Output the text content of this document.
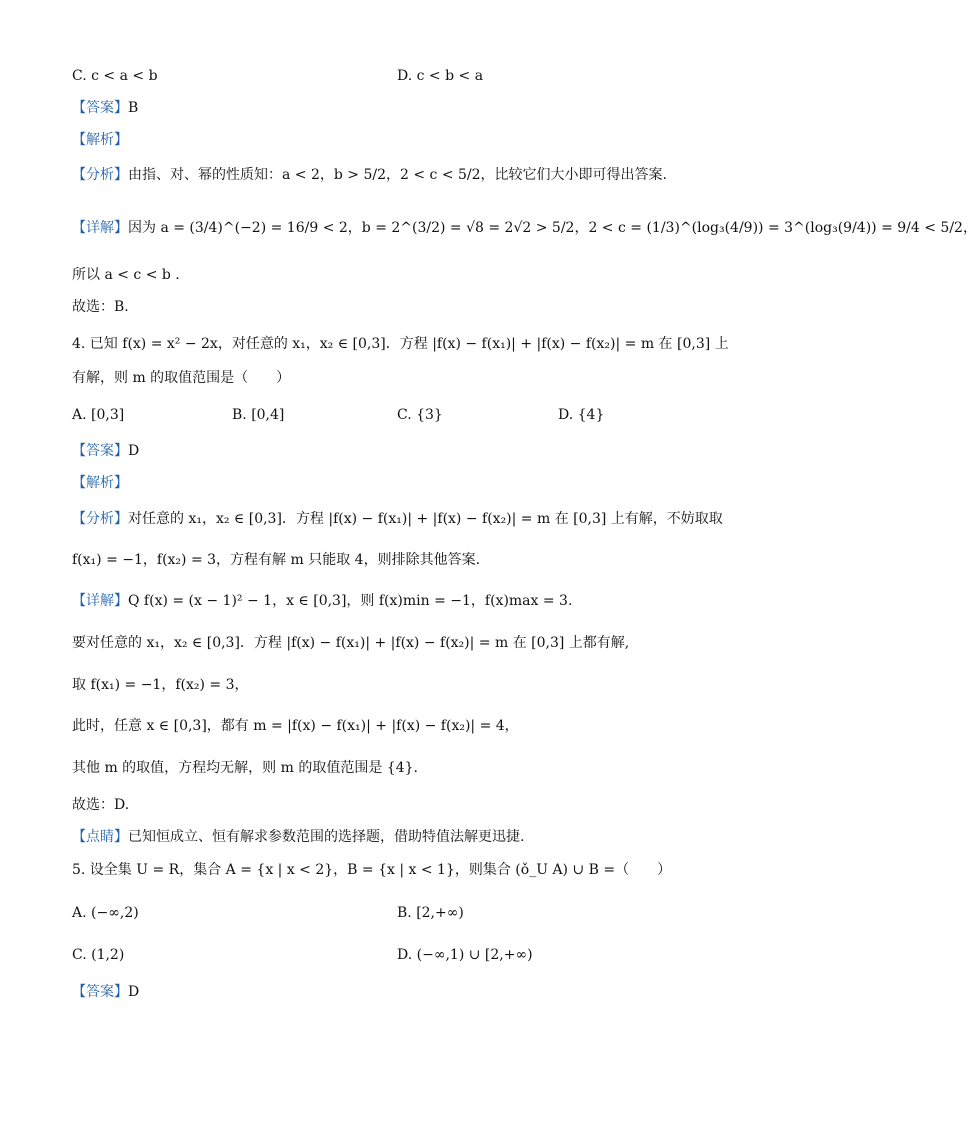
C. c < a < b	D. c < b < a
【答案】B
【解析】
【分析】由指、对、幂的性质知：a < 2，b > 5/2，2 < c < 5/2，比较它们大小即可得出答案.
【详解】因为 a = (3/4)^(−2) = 16/9 < 2，b = 2^(3/2) = √8 = 2√2 > 5/2，2 < c = (1/3)^(log₃(4/9)) = 3^(log₃(9/4)) = 9/4 < 5/2，
所以 a < c < b .
故选：B.
4. 已知 f(x) = x² − 2x，对任意的 x₁，x₂ ∈ [0,3]．方程 |f(x) − f(x₁)| + |f(x) − f(x₂)| = m 在 [0,3] 上
有解，则 m 的取值范围是（　　）
A. [0,3]	B. [0,4]	C. {3}	D. {4}
【答案】D
【解析】
【分析】对任意的 x₁，x₂ ∈ [0,3]．方程 |f(x) − f(x₁)| + |f(x) − f(x₂)| = m 在 [0,3] 上有解，不妨取取
f(x₁) = −1，f(x₂) = 3，方程有解 m 只能取 4，则排除其他答案.
【详解】Q f(x) = (x − 1)² − 1，x ∈ [0,3]，则 f(x)min = −1，f(x)max = 3.
要对任意的 x₁，x₂ ∈ [0,3]．方程 |f(x) − f(x₁)| + |f(x) − f(x₂)| = m 在 [0,3] 上都有解,
取 f(x₁) = −1，f(x₂) = 3，
此时，任意 x ∈ [0,3]，都有 m = |f(x) − f(x₁)| + |f(x) − f(x₂)| = 4，
其他 m 的取值，方程均无解，则 m 的取值范围是 {4}.
故选：D.
【点睛】已知恒成立、恒有解求参数范围的选择题，借助特值法解更迅捷.
5. 设全集 U = R，集合 A = {x | x < 2}，B = {x | x < 1}，则集合 (ǒ_U A) ∪ B =（　　）
A. (−∞,2)	B. [2,+∞)
C. (1,2)	D. (−∞,1) ∪ [2,+∞)
【答案】D
